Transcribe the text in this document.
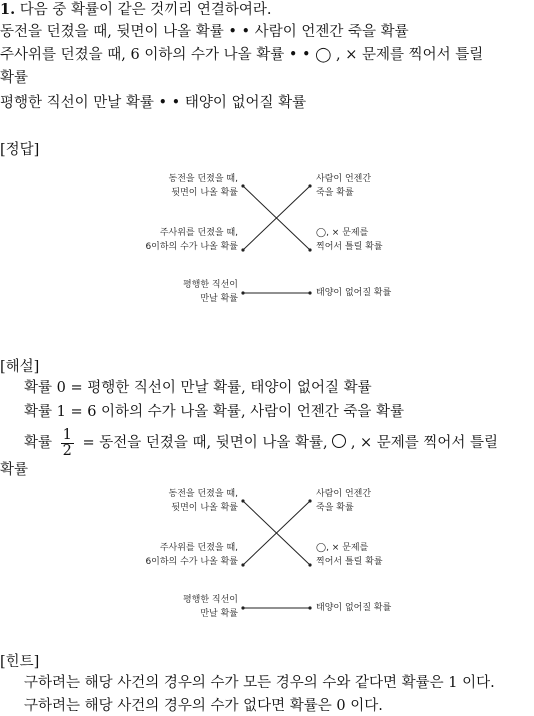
1. 다음 중 확률이 같은 것끼리 연결하여라.
동전을 던졌을 때, 뒷면이 나올 확률 • • 사람이 언젠간 죽을 확률
주사위를 던졌을 때, 6 이하의 수가 나올 확률 • • ◯ , × 문제를 찍어서 틀릴
확률
평행한 직선이 만날 확률 • • 태양이 없어질 확률
[정답]
동전을 던졌을 때,
뒷면이 나올 확률
주사위를 던졌을 때,
6이하의 수가 나올 확률
평행한 직선이
만날 확률
사람이 언젠간
죽을 확률
◯, × 문제를
찍어서 틀릴 확률
태양이 없어질 확률
[해설]
확률 0 = 평행한 직선이 만날 확률, 태양이 없어질 확률
확률 1 = 6 이하의 수가 나올 확률, 사람이 언젠간 죽을 확률
확률 $\frac{1}{2}$ = 동전을 던졌을 때, 뒷면이 나올 확률, , × 문제를 찍어서 틀릴
확률
동전을 던졌을 때,
뒷면이 나올 확률
주사위를 던졌을 때,
6이하의 수가 나올 확률
평행한 직선이
만날 확률
사람이 언젠간
죽을 확률
◯, × 문제를
찍어서 틀릴 확률
태양이 없어질 확률
[힌트]
구하려는 해당 사건의 경우의 수가 모든 경우의 수와 같다면 확률은 1 이다.
구하려는 해당 사건의 경우의 수가 없다면 확률은 0 이다.
